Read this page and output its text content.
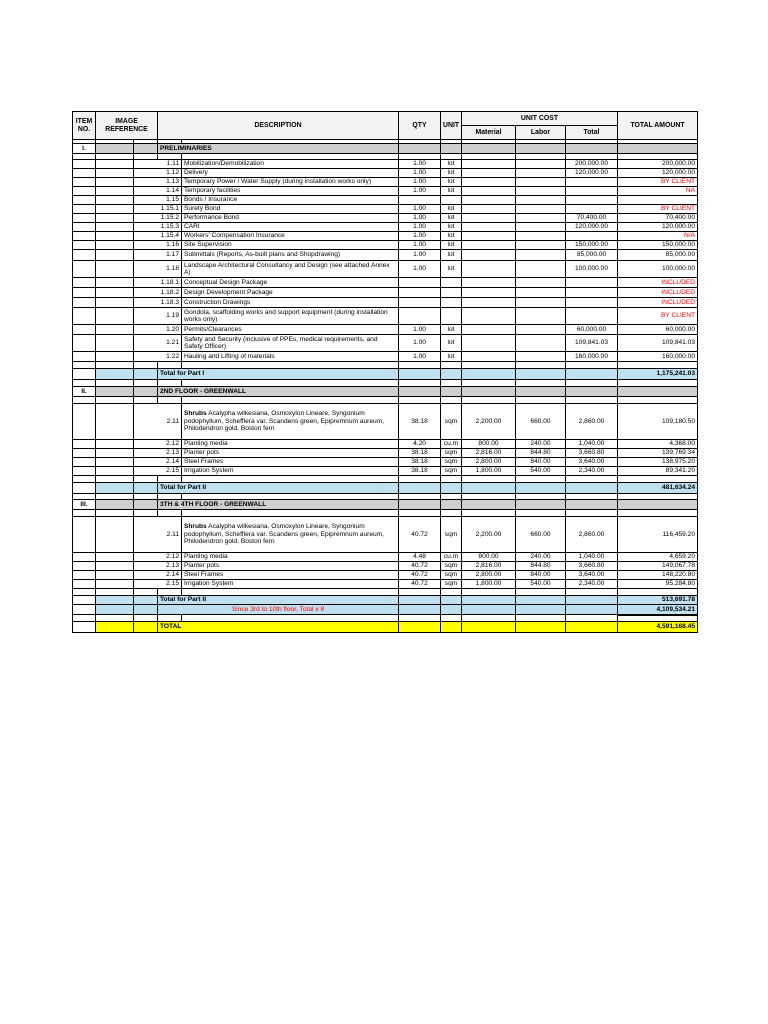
ITEM NO.	IMAGE REFERENCE		DESCRIPTION		QTY	UNIT	UNIT COST			TOTAL AMOUNT
							Material	Labor	Total	

I.			PRELIMINARIES							

		1.11		Mobilization/Demobilization	1.00	lot			200,000.00	200,000.00
		1.12		Delivery	1.00	lot			120,000.00	120,000.00
		1.13		Temporary Power / Water Supply (during installation works only)	1.00	lot				BY CLIENT
		1.14		Temporary facilities	1.00	lot				NA
		1.15		Bonds / Insurance						
		1.15.1		Surety Bond	1.00	lot				BY CLIENT
		1.15.2		Performance Bond	1.00	lot			70,400.00	70,400.00
		1.15.3		CARI	1.00	lot			120,000.00	120,000.00
		1.15.4		Workers' Compensation Insurance	1.00	lot				N/A
		1.16		Site Supervision	1.00	lot			150,000.00	150,000.00
		1.17		Submittals (Reports, As-built plans and Shopdrawing)	1.00	lot			85,000.00	85,000.00
		1.18		Landscape Architectural Consultancy and Design (see attached Annex A)	1.00	lot			100,000.00	100,000.00
		1.18.1		Conceptual Design Package						INCLUDED
		1.18.2		Design Development Package						INCLUDED
		1.18.3		Construction Drawings						INCLUDED
		1.19		Gondola, scaffolding works and support equipment (during installation works only)						BY CLIENT
		1.20		Permits/Clearances	1.00	lot			60,000.00	60,000.00
		1.21		Safety and Security (inclusive of PPEs, medical requirements, and Safety Officer)	1.00	lot			109,841.03	109,841.03
		1.22		Hauling and Lifting of materials	1.00	lot			160,000.00	160,000.00

			Total for Part I							1,175,241.03

II.			2ND FLOOR - GREENWALL							

		2.11		Shrubs Acalypha wilkesiana, Osmoxylon Lineare, Syngonium podophyllum, Schefflera var. Scandens green, Epipremnum aureum, Philodendron gold, Boston fern	38.18	sqm	2,200.00	660.00	2,860.00	109,180.50
		2.12		Planting media	4.20	cu.m	800.00	240.00	1,040.00	4,368.00
		2.13		Planter pots	38.18	sqm	2,816.00	844.80	3,660.80	139,769.34
		2.14		Steel Frames	38.18	sqm	2,800.00	840.00	3,640.00	138,975.20
		2.15		Irrigation System	38.18	sqm	1,800.00	540.00	2,340.00	89,341.20

			Total for Part II							481,634.24

III.			3TH & 4TH FLOOR - GREENWALL							

		2.11		Shrubs Acalypha wilkesiana, Osmoxylon Lineare, Syngonium podophyllum, Schefflera var. Scandens green, Epipremnum aureum, Philodendron gold, Boston fern	40.72	sqm	2,200.00	660.00	2,860.00	116,459.20
		2.12		Planting media	4.48	cu.m	800.00	240.00	1,040.00	4,659.20
		2.13		Planter pots	40.72	sqm	2,816.00	844.80	3,660.80	149,067.78
		2.14		Steel Frames	40.72	sqm	2,800.00	840.00	3,640.00	148,220.80
		2.15		Irrigation System	40.72	sqm	1,800.00	540.00	2,340.00	95,284.80

			Total for Part II							513,691.78
			Since 3rd to 10th floor, Total x 8							4,109,534.21

			TOTAL							4,591,168.45
